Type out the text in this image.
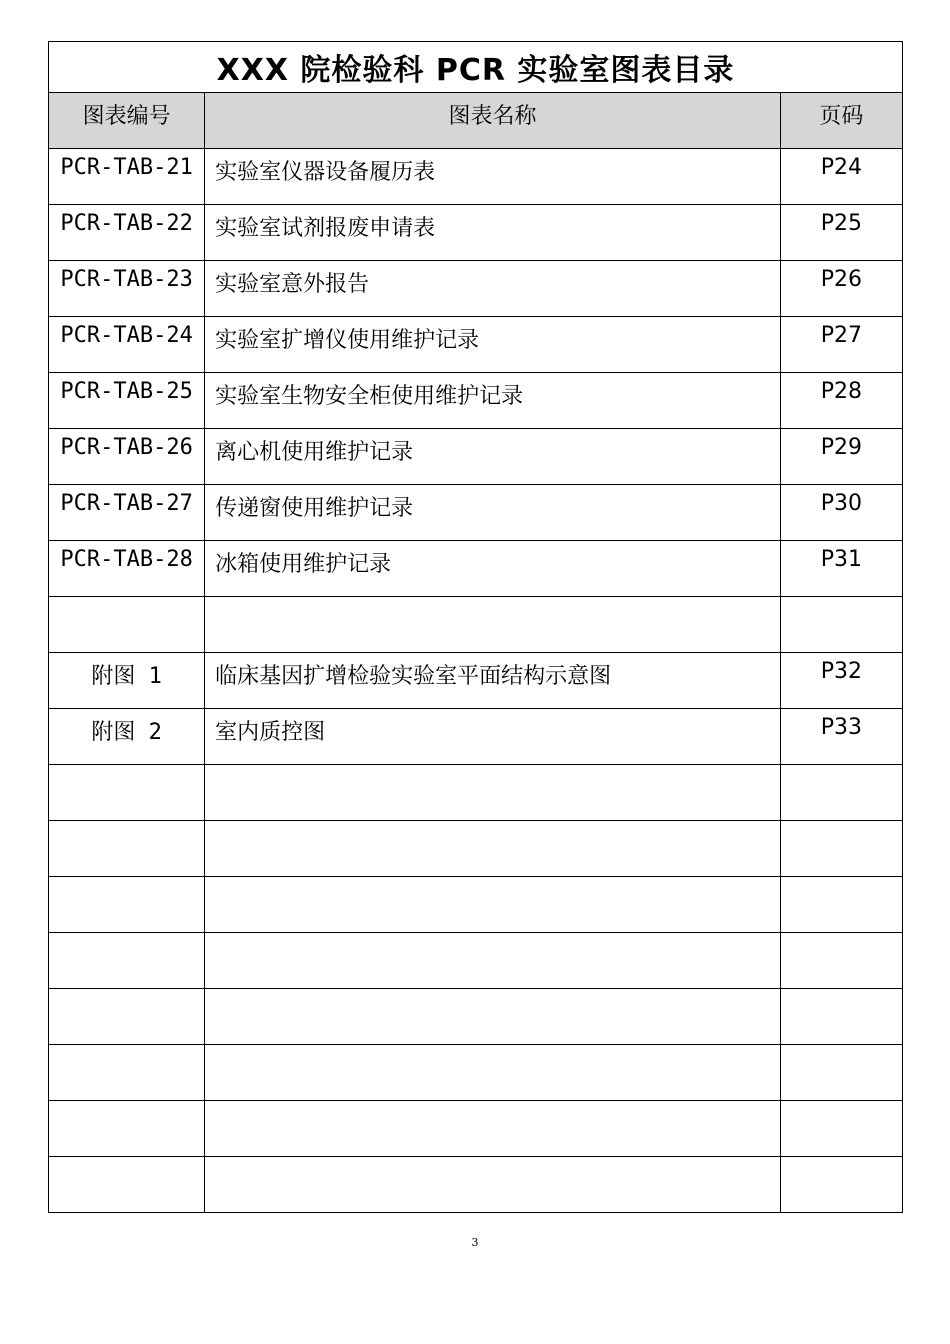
XXX 院检验科 PCR 实验室图表目录		
图表编号	图表名称	页码
PCR-TAB-21	实验室仪器设备履历表	P24
PCR-TAB-22	实验室试剂报废申请表	P25
PCR-TAB-23	实验室意外报告	P26
PCR-TAB-24	实验室扩增仪使用维护记录	P27
PCR-TAB-25	实验室生物安全柜使用维护记录	P28
PCR-TAB-26	离心机使用维护记录	P29
PCR-TAB-27	传递窗使用维护记录	P30
PCR-TAB-28	冰箱使用维护记录	P31

附图 1	临床基因扩增检验实验室平面结构示意图	P32
附图 2	室内质控图	P33

3
